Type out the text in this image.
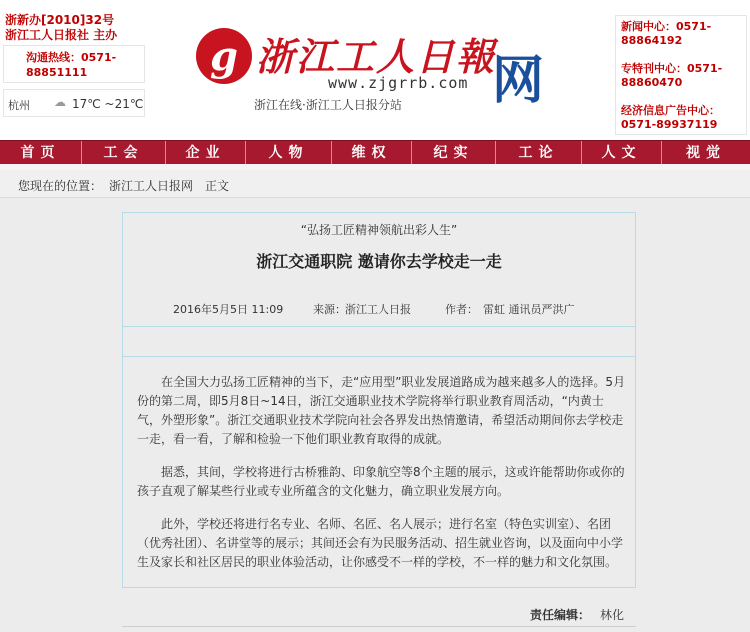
浙新办[2010]32号
浙江工人日报社 主办
沟通热线：0571-88851111
杭州 ☁ 17℃ ~21℃
g 浙江工人日報
www.zjgrrb.com
浙江在线·浙江工人日报分站 网
新闻中心：0571-88864192
专特刊中心：0571-88860470
经济信息广告中心：0571-89937119
首页	工会	企业	人物	维权	纪实	工论	人文	视觉
您现在的位置： 浙江工人日报网 正文
“弘扬工匠精神领航出彩人生”
浙江交通职院 邀请你去学校走一走
2016年5月5日 11:09	来源： 浙江工人日报	作者： 雷虹 通讯员严洪广

在全国大力弘扬工匠精神的当下，走“应用型”职业发展道路成为越来越多人的选择。5月份的第二周，即5月8日~14日，浙江交通职业技术学院将举行职业教育周活动，“内黄士气，外塑形象”。浙江交通职业技术学院向社会各界发出热情邀请，希望活动期间你去学校走一走，看一看，了解和检验一下他们职业教育取得的成就。

据悉，其间，学校将进行古桥雅韵、印象航空等8个主题的展示，这或许能帮助你或你的孩子直观了解某些行业或专业所蕴含的文化魅力，确立职业发展方向。

此外，学校还将进行名专业、名师、名匠、名人展示；进行名室（特色实训室）、名团（优秀社团）、名讲堂等的展示；其间还会有为民服务活动、招生就业咨询，以及面向中小学生及家长和社区居民的职业体验活动，让你感受不一样的学校，不一样的魅力和文化氛围。

责任编辑： 林化
